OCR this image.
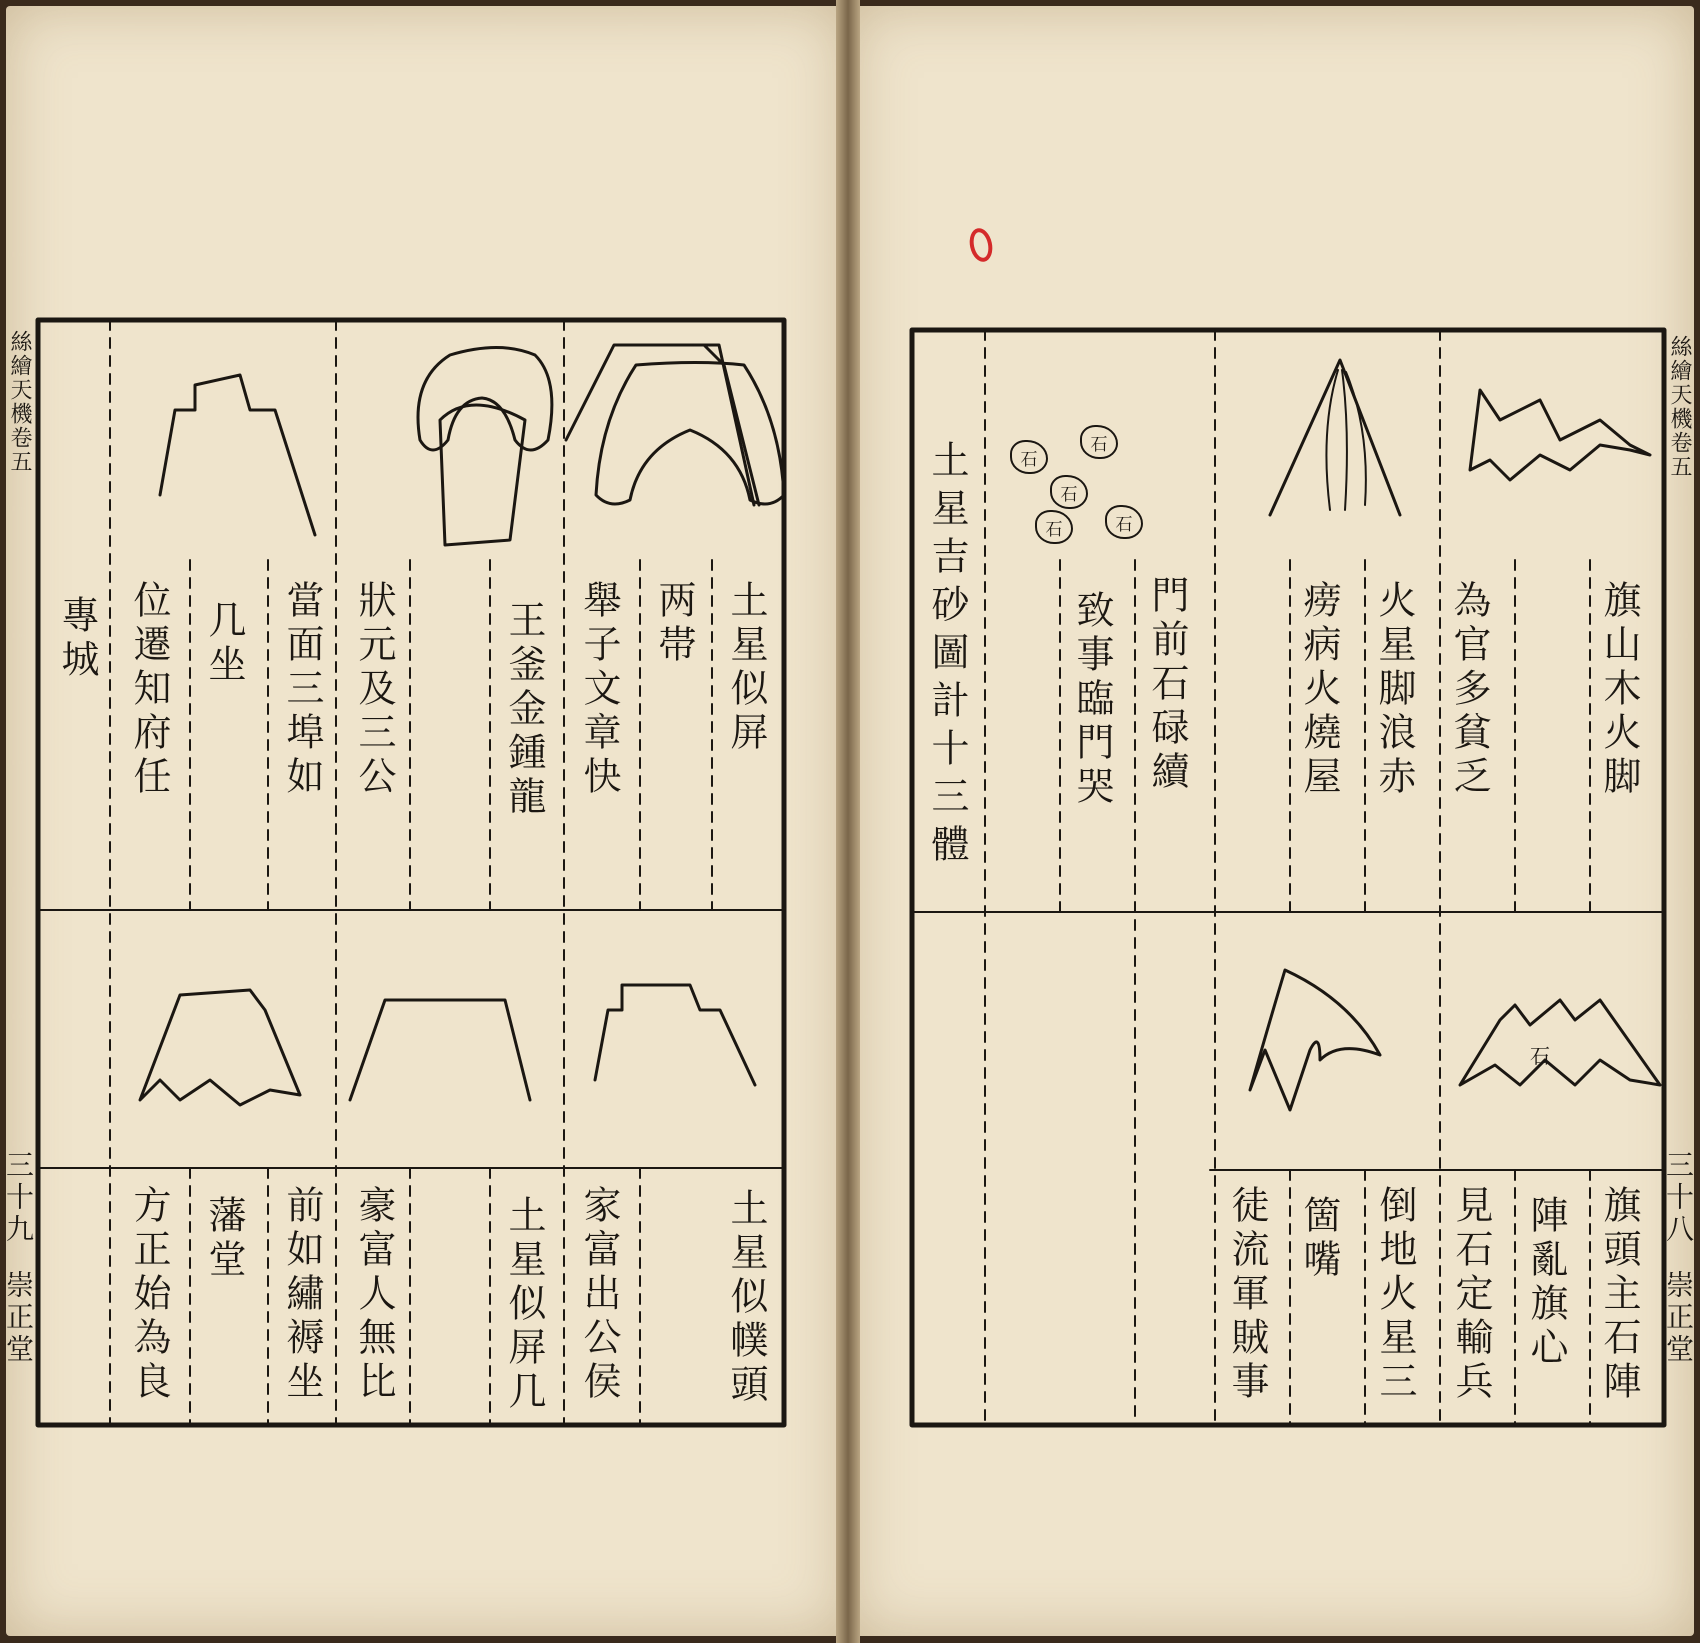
絲繪天機卷五
三十九
崇正堂
土星似屏
两帯
舉子文章快
王釜金鍾龍
狀元及三公
當面三埠如
几坐
位遷知府任
專城
土星似幞頭
家富出公侯
土星似屏几
豪富人無比
前如繡褥坐
藩堂
方正始為良
絲繪天機卷五
三十八
崇正堂
旗山木火脚
為官多貧乏
火星脚浪赤
痨病火燒屋
門前石碌續
致事臨門哭
土星吉砂圖計十三體	石
石
石
石
石
石
旗頭主石陣
陣亂旗心
見石定輸兵
倒地火星三
箇嘴
徒流軍賊事
